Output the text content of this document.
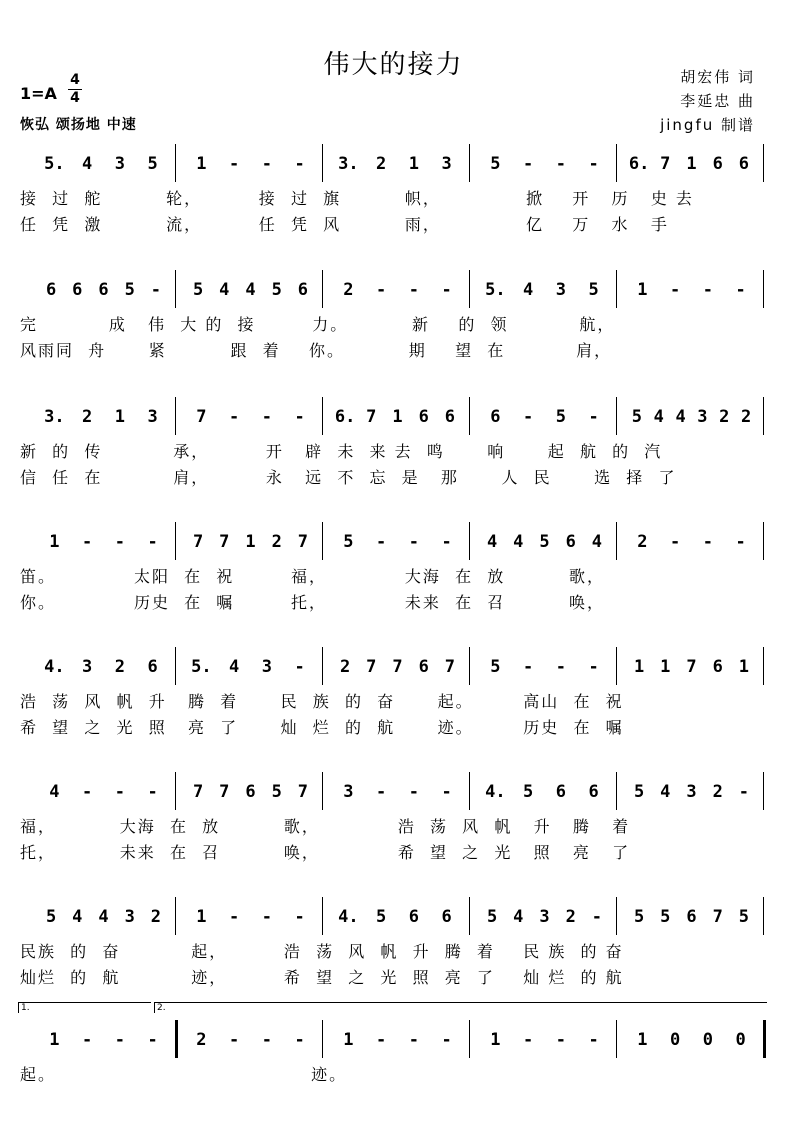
伟大的接力	胡宏伟 词
李延忠 曲
jingfu 制谱
1=A
4
4
恢弘 颂扬地 中速
5. 4 3 5 1 - - - 3. 2 1 3 5 - - - 6. 7 1 6 6
接  过  舵         轮，        接  过  旗         帜，            掀    开   历   史 去
任  凭  激         流，        任  凭  风         雨，            亿    万   水   手
6 6 6 5 - 5 4 4 5 6 2 - - - 5. 4 3 5 1 - - -
完          成   伟  大 的  接        力。         新    的  领          航，
风雨同  舟      紧         跟  着    你。         期    望  在          肩，
3. 2 1 3 7 - - - 6. 7 1 6 6 6 - 5 - 5 4 4 3 2 2
新  的  传          承，        开   辟  未  来 去  鸣      响      起  航  的  汽
信  任  在          肩，        永   远  不  忘  是   那      人  民      选  择  了
1 - - - 7 7 1 2 7 5 - - - 4 4 5 6 4 2 - - -
笛。           太阳  在  祝        福，           大海  在  放         歌，
你。           历史  在  嘱        托，           未来  在  召         唤，
4. 3 2 6 5. 4 3 - 2 7 7 6 7 5 - - - 1 1 7 6 1
浩  荡  风  帆  升   腾  着      民  族  的  奋      起。       高山  在  祝
希  望  之  光  照   亮  了      灿  烂  的  航      迹。       历史  在  嘱
4 - - - 7 7 6 5 7 3 - - - 4. 5 6 6 5 4 3 2 -
福，         大海  在  放         歌，           浩  荡  风  帆   升   腾   着
托，         未来  在  召         唤，           希  望  之  光   照   亮   了
5 4 4 3 2 1 - - - 4. 5 6 6 5 4 3 2 - 5 5 6 7 5
民族  的  奋          起，        浩  荡  风  帆  升  腾  着    民 族  的 奋
灿烂  的  航          迹，        希  望  之  光  照  亮  了    灿 烂  的 航
1 - - - 2 - - - 1 - - - 1 - - - 1 0 0 0
1.	2.
起。                                    迹。
